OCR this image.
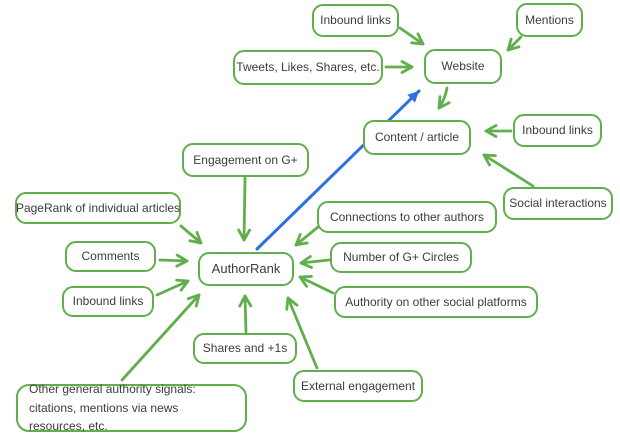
Inbound links	Mentions
Tweets, Likes, Shares, etc.	Website
Content / article	Inbound links
Social interactions
Engagement on G+
PageRank of individual articles
Comments
Inbound links
AuthorRank
Connections to other authors
Number of G+ Circles
Authority on other social platforms
Shares and +1s
External engagement
Other general authority signals: citations, mentions via news resources, etc.
